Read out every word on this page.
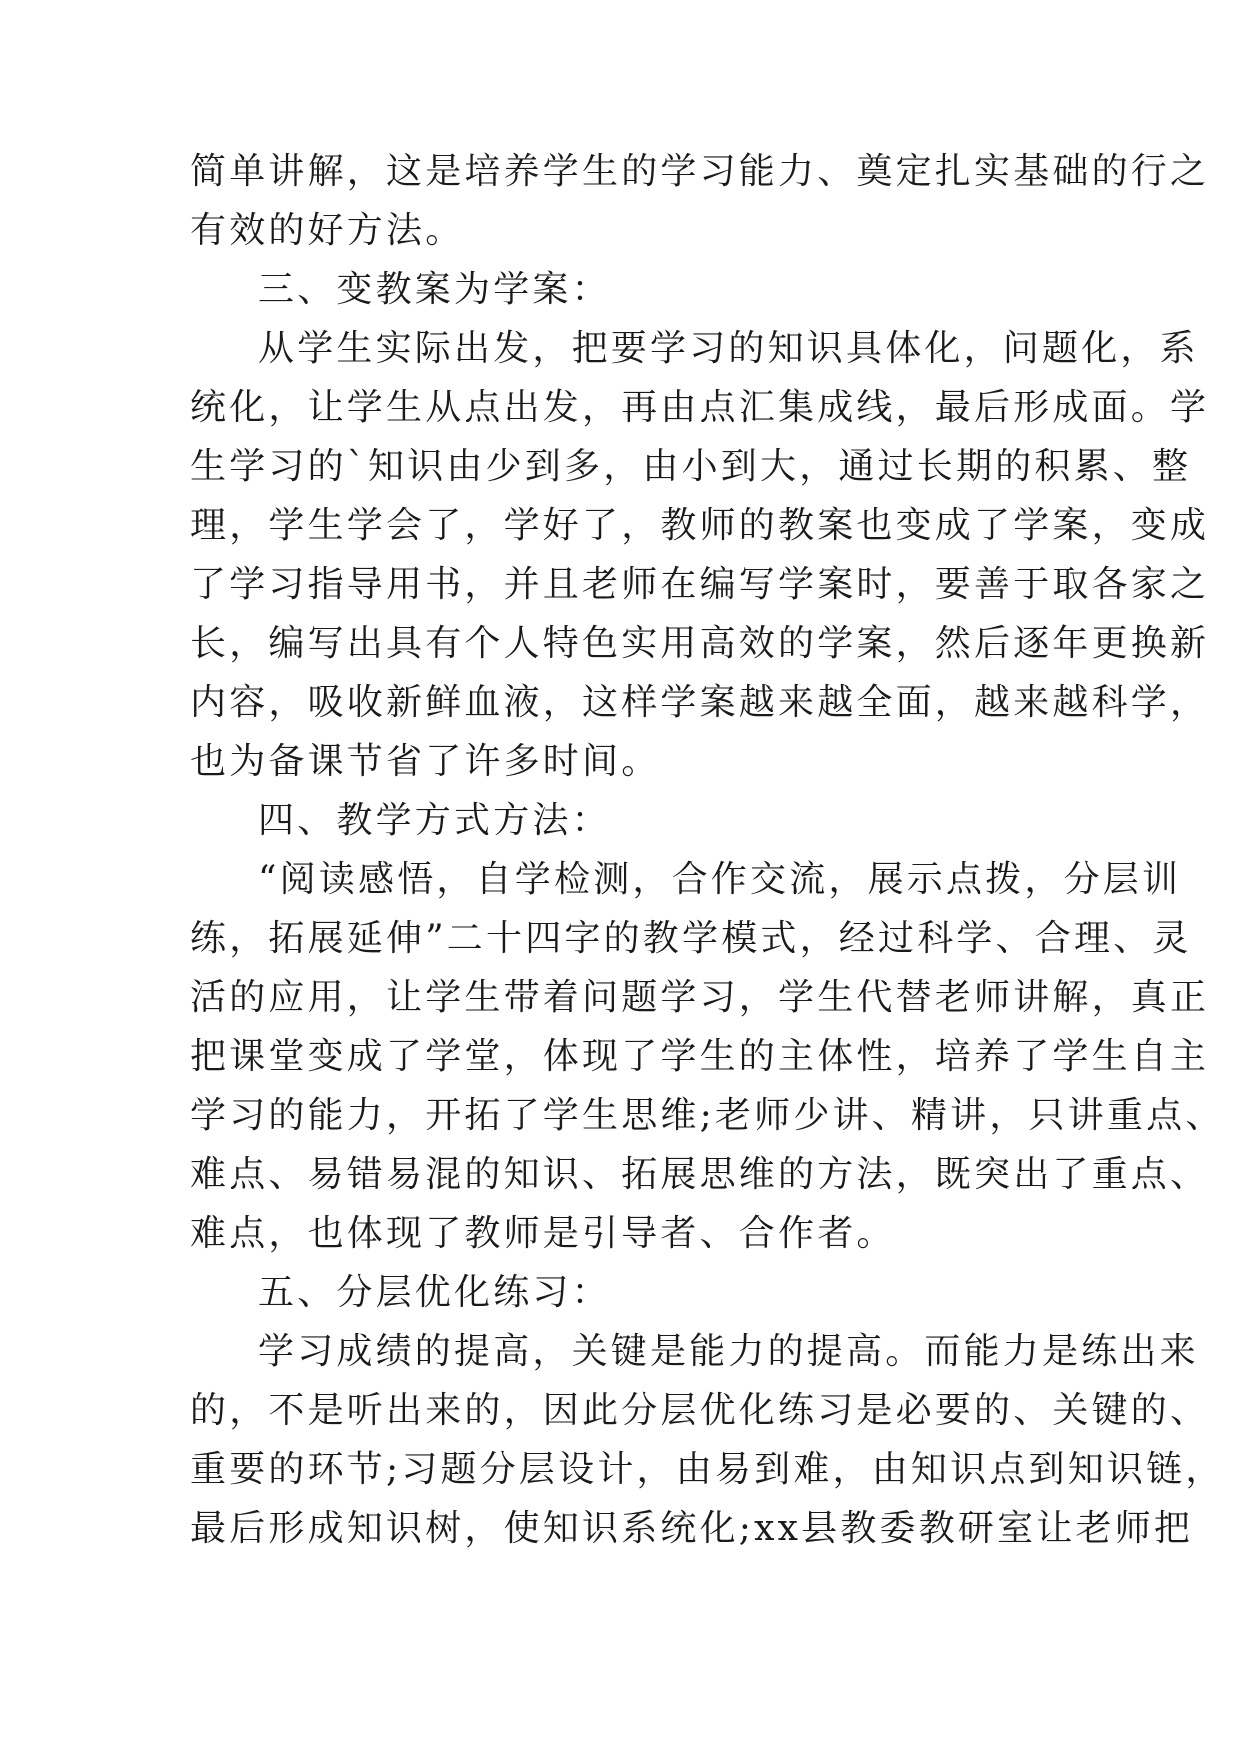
简单讲解，这是培养学生的学习能力、奠定扎实基础的行之
有效的好方法。
三、变教案为学案：
从学生实际出发，把要学习的知识具体化，问题化，系
统化，让学生从点出发，再由点汇集成线，最后形成面。学
生学习的`知识由少到多，由小到大，通过长期的积累、整
理，学生学会了，学好了，教师的教案也变成了学案，变成
了学习指导用书，并且老师在编写学案时，要善于取各家之
长，编写出具有个人特色实用高效的学案，然后逐年更换新
内容，吸收新鲜血液，这样学案越来越全面，越来越科学，
也为备课节省了许多时间。
四、教学方式方法：
“阅读感悟，自学检测，合作交流，展示点拨，分层训
练，拓展延伸”二十四字的教学模式，经过科学、合理、灵
活的应用，让学生带着问题学习，学生代替老师讲解，真正
把课堂变成了学堂，体现了学生的主体性，培养了学生自主
学习的能力，开拓了学生思维;老师少讲、精讲，只讲重点、
难点、易错易混的知识、拓展思维的方法，既突出了重点、
难点，也体现了教师是引导者、合作者。
五、分层优化练习：
学习成绩的提高，关键是能力的提高。而能力是练出来
的，不是听出来的，因此分层优化练习是必要的、关键的、
重要的环节;习题分层设计，由易到难，由知识点到知识链，
最后形成知识树，使知识系统化;xx县教委教研室让老师把
